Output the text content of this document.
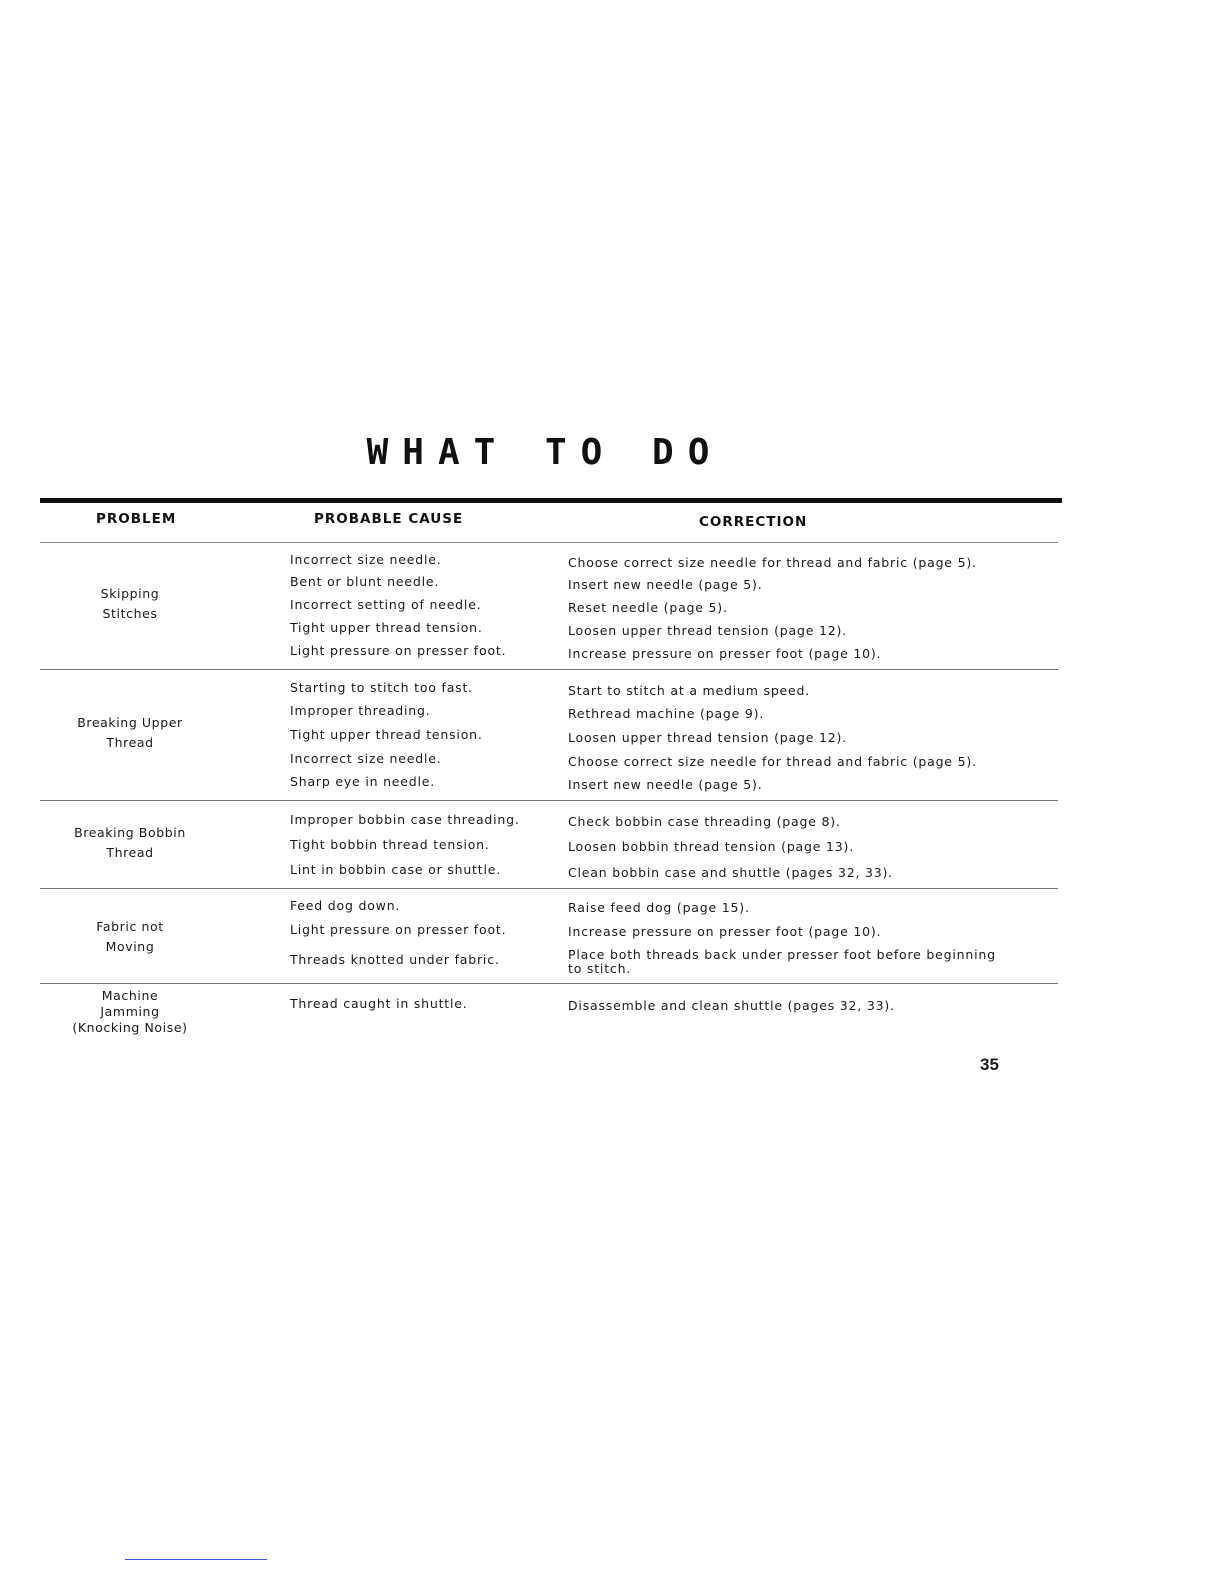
WHAT TO DO
PROBLEM	PROBABLE CAUSE	CORRECTION
Skipping
Stitches
Incorrect size needle.	Choose correct size needle for thread and fabric (page 5).
Bent or blunt needle.	Insert new needle (page 5).
Incorrect setting of needle.	Reset needle (page 5).
Tight upper thread tension.	Loosen upper thread tension (page 12).
Light pressure on presser foot.	Increase pressure on presser foot (page 10).
Breaking Upper
Thread
Starting to stitch too fast.	Start to stitch at a medium speed.
Improper threading.	Rethread machine (page 9).
Tight upper thread tension.	Loosen upper thread tension (page 12).
Incorrect size needle.	Choose correct size needle for thread and fabric (page 5).
Sharp eye in needle.	Insert new needle (page 5).
Breaking Bobbin
Thread
Improper bobbin case threading.	Check bobbin case threading (page 8).
Tight bobbin thread tension.	Loosen bobbin thread tension (page 13).
Lint in bobbin case or shuttle.	Clean bobbin case and shuttle (pages 32, 33).
Fabric not
Moving
Feed dog down.	Raise feed dog (page 15).
Light pressure on presser foot.	Increase pressure on presser foot (page 10).
Threads knotted under fabric.	Place both threads back under presser foot before beginning to stitch.
Machine Jamming
(Knocking Noise)
Thread caught in shuttle.	Disassemble and clean shuttle (pages 32, 33).
35
